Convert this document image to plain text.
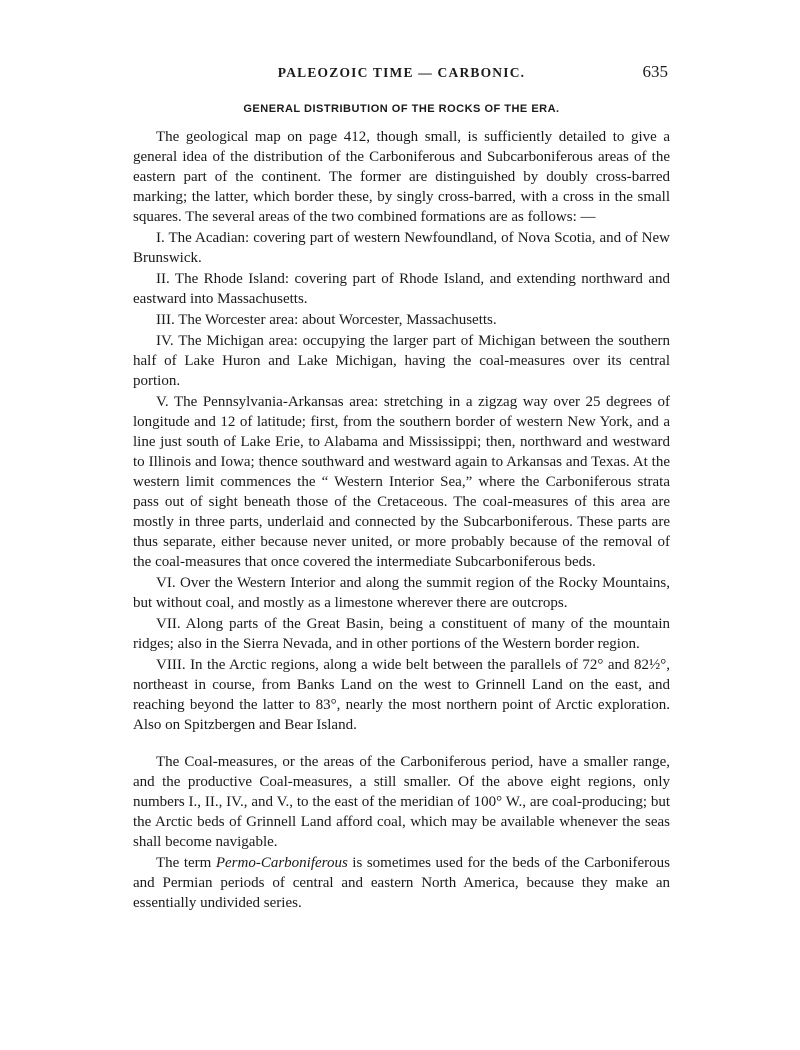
PALEOZOIC TIME — CARBONIC.	635
GENERAL DISTRIBUTION OF THE ROCKS OF THE ERA.

The geological map on page 412, though small, is sufficiently detailed to give a general idea of the distribution of the Carboniferous and Subcarboniferous areas of the eastern part of the continent. The former are distinguished by doubly cross-barred marking; the latter, which border these, by singly cross-barred, with a cross in the small squares. The several areas of the two combined formations are as follows: —

I. The Acadian: covering part of western Newfoundland, of Nova Scotia, and of New Brunswick.

II. The Rhode Island: covering part of Rhode Island, and extending northward and eastward into Massachusetts.

III. The Worcester area: about Worcester, Massachusetts.

IV. The Michigan area: occupying the larger part of Michigan between the southern half of Lake Huron and Lake Michigan, having the coal-measures over its central portion.

V. The Pennsylvania-Arkansas area: stretching in a zigzag way over 25 degrees of longitude and 12 of latitude; first, from the southern border of western New York, and a line just south of Lake Erie, to Alabama and Mississippi; then, northward and westward to Illinois and Iowa; thence southward and westward again to Arkansas and Texas. At the western limit commences the “ Western Interior Sea,” where the Carboniferous strata pass out of sight beneath those of the Cretaceous. The coal-measures of this area are mostly in three parts, underlaid and connected by the Subcarboniferous. These parts are thus separate, either because never united, or more probably because of the removal of the coal-measures that once covered the intermediate Subcarboniferous beds.

VI. Over the Western Interior and along the summit region of the Rocky Mountains, but without coal, and mostly as a limestone wherever there are outcrops.

VII. Along parts of the Great Basin, being a constituent of many of the mountain ridges; also in the Sierra Nevada, and in other portions of the Western border region.

VIII. In the Arctic regions, along a wide belt between the parallels of 72° and 82½°, northeast in course, from Banks Land on the west to Grinnell Land on the east, and reaching beyond the latter to 83°, nearly the most northern point of Arctic exploration. Also on Spitzbergen and Bear Island.

The Coal-measures, or the areas of the Carboniferous period, have a smaller range, and the productive Coal-measures, a still smaller. Of the above eight regions, only numbers I., II., IV., and V., to the east of the meridian of 100° W., are coal-producing; but the Arctic beds of Grinnell Land afford coal, which may be available whenever the seas shall become navigable.

The term Permo-Carboniferous is sometimes used for the beds of the Carboniferous and Permian periods of central and eastern North America, because they make an essentially undivided series.
